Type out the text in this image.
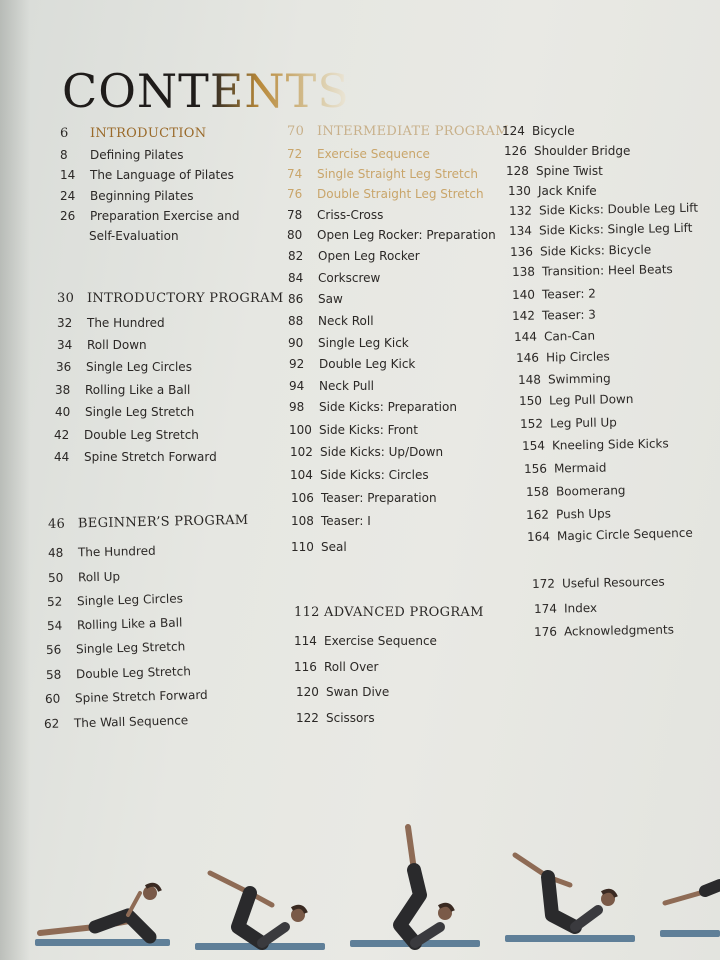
CONTENTS
6 INTRODUCTION
8 Defining Pilates
14 The Language of Pilates
24 Beginning Pilates
26 Preparation Exercise and
Self-Evaluation
30 INTRODUCTORY PROGRAM
32 The Hundred
34 Roll Down
36 Single Leg Circles
38 Rolling Like a Ball
40 Single Leg Stretch
42 Double Leg Stretch
44 Spine Stretch Forward
46 BEGINNER’S PROGRAM
48 The Hundred
50 Roll Up
52 Single Leg Circles
54 Rolling Like a Ball
56 Single Leg Stretch
58 Double Leg Stretch
60 Spine Stretch Forward
62 The Wall Sequence
70 INTERMEDIATE PROGRAM
72 Exercise Sequence
74 Single Straight Leg Stretch
76 Double Straight Leg Stretch
78 Criss-Cross
80 Open Leg Rocker: Preparation
82 Open Leg Rocker
84 Corkscrew
86 Saw
88 Neck Roll
90 Single Leg Kick
92 Double Leg Kick
94 Neck Pull
98 Side Kicks: Preparation
100 Side Kicks: Front
102 Side Kicks: Up/Down
104 Side Kicks: Circles
106 Teaser: Preparation
108 Teaser: I
110 Seal
112 ADVANCED PROGRAM
114 Exercise Sequence
116 Roll Over
120 Swan Dive
122 Scissors
124 Bicycle
126 Shoulder Bridge
128 Spine Twist
130 Jack Knife
132 Side Kicks: Double Leg Lift
134 Side Kicks: Single Leg Lift
136 Side Kicks: Bicycle
138 Transition: Heel Beats
140 Teaser: 2
142 Teaser: 3
144 Can-Can
146 Hip Circles
148 Swimming
150 Leg Pull Down
152 Leg Pull Up
154 Kneeling Side Kicks
156 Mermaid
158 Boomerang
162 Push Ups
164 Magic Circle Sequence
172 Useful Resources
174 Index
176 Acknowledgments
